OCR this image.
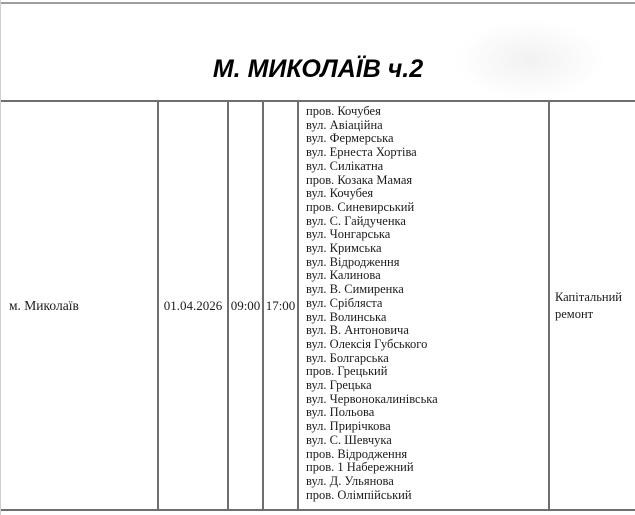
М. МИКОЛАЇВ ч.2
м. Миколаїв	01.04.2026 09:00 17:00
пров. Кочубея
вул. Авіаційна
вул. Фермерська
вул. Ернеста Хортіва
вул. Силікатна
пров. Козака Мамая
вул. Кочубея
пров. Синевирський
вул. С. Гайдученка
вул. Чонгарська
вул. Кримська
вул. Відродження
вул. Калинова
вул. В. Симиренка
вул. Срібляста
вул. Волинська
вул. В. Антоновича
вул. Олексія Губського
вул. Болгарська
пров. Грецький
вул. Грецька
вул. Червонокалинівська
вул. Польова
вул. Прирічкова
вул. С. Шевчука
пров. Відродження
пров. 1 Набережний
вул. Д. Ульянова
пров. Олімпійський
Капітальний ремонт
